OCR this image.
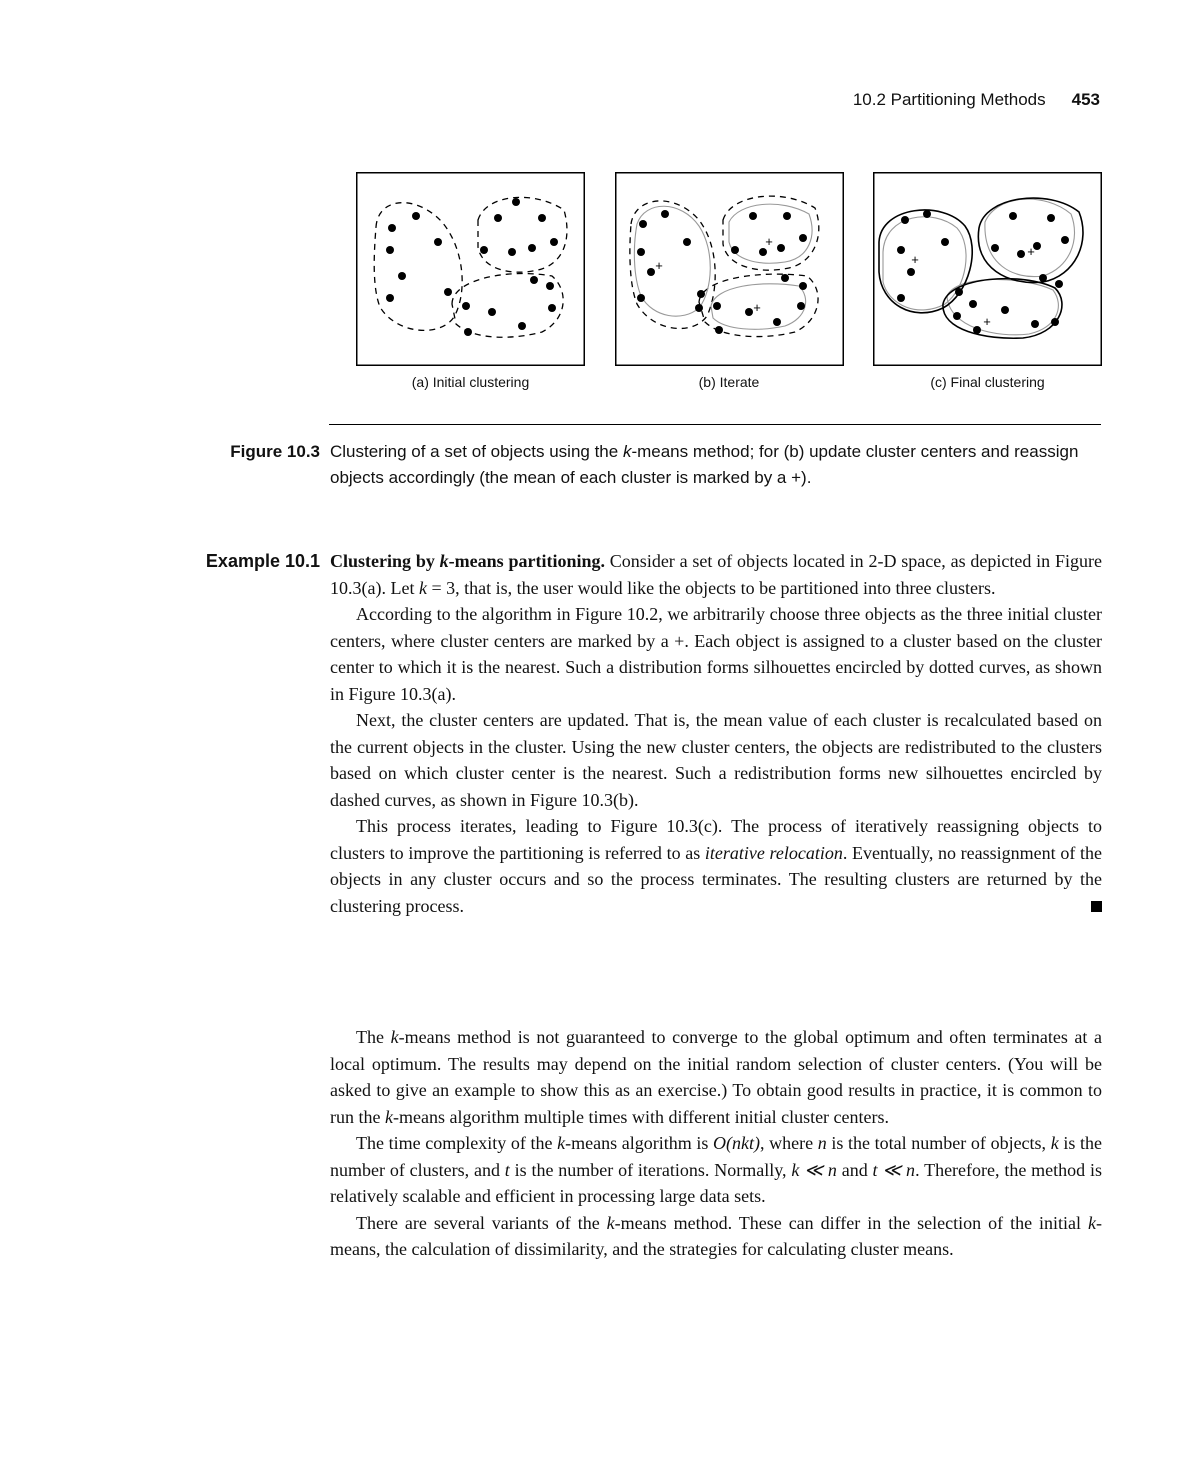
10.2 Partitioning Methods 453
(a) Initial clustering
+
+
+
(b) Iterate
+
+
+
(c) Final clustering
Figure 10.3 Clustering of a set of objects using the k-means method; for (b) update cluster centers and reassign objects accordingly (the mean of each cluster is marked by a +).
Example 10.1 Clustering by k-means partitioning. Consider a set of objects located in 2-D space, as depicted in Figure 10.3(a). Let k = 3, that is, the user would like the objects to be partitioned into three clusters.

According to the algorithm in Figure 10.2, we arbitrarily choose three objects as the three initial cluster centers, where cluster centers are marked by a +. Each object is assigned to a cluster based on the cluster center to which it is the nearest. Such a distribution forms silhouettes encircled by dotted curves, as shown in Figure 10.3(a).

Next, the cluster centers are updated. That is, the mean value of each cluster is recalculated based on the current objects in the cluster. Using the new cluster centers, the objects are redistributed to the clusters based on which cluster center is the nearest. Such a redistribution forms new silhouettes encircled by dashed curves, as shown in Figure 10.3(b).

This process iterates, leading to Figure 10.3(c). The process of iteratively reassigning objects to clusters to improve the partitioning is referred to as iterative relocation. Eventually, no reassignment of the objects in any cluster occurs and so the process terminates. The resulting clusters are returned by the clustering process.

The k-means method is not guaranteed to converge to the global optimum and often terminates at a local optimum. The results may depend on the initial random selection of cluster centers. (You will be asked to give an example to show this as an exercise.) To obtain good results in practice, it is common to run the k-means algorithm multiple times with different initial cluster centers.

The time complexity of the k-means algorithm is O(nkt), where n is the total number of objects, k is the number of clusters, and t is the number of iterations. Normally, k ≪ n and t ≪ n. Therefore, the method is relatively scalable and efficient in processing large data sets.

There are several variants of the k-means method. These can differ in the selection of the initial k-means, the calculation of dissimilarity, and the strategies for calculating cluster means.
